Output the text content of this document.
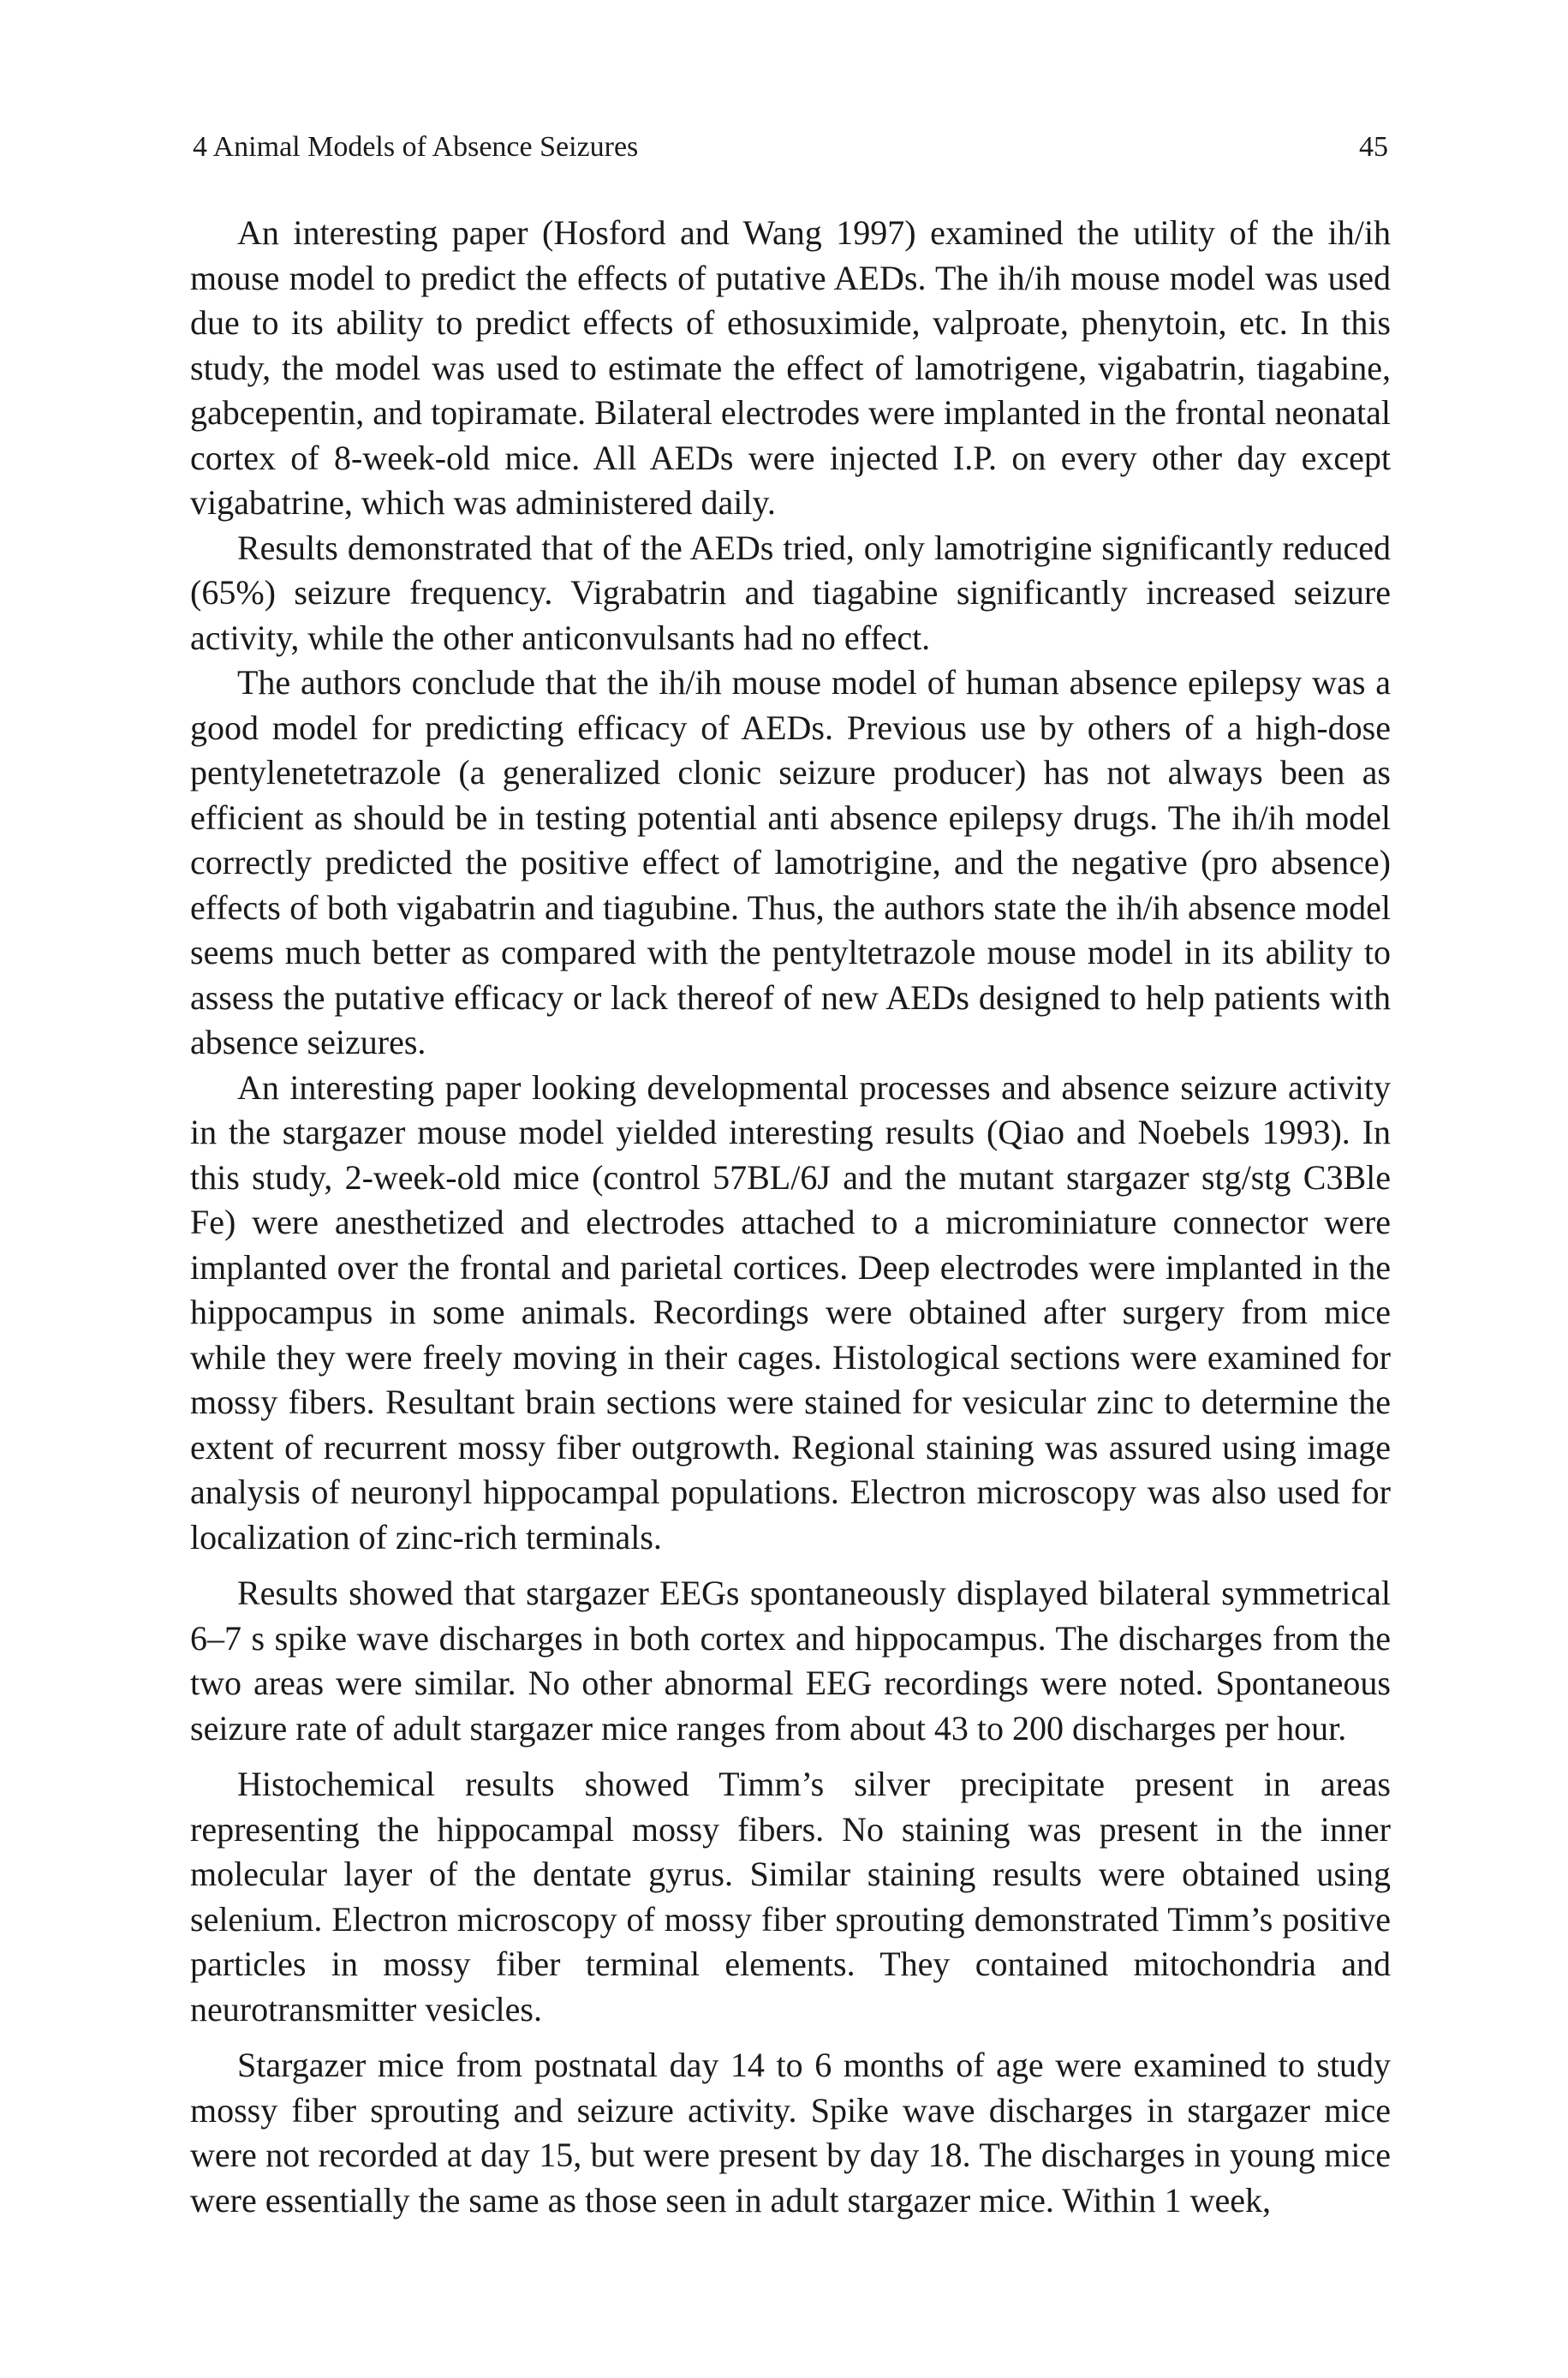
4 Animal Models of Absence Seizures	45

An interesting paper (Hosford and Wang 1997) examined the utility of the ih/ih mouse model to predict the effects of putative AEDs. The ih/ih mouse model was used due to its ability to predict effects of ethosuximide, valproate, phenytoin, etc. In this study, the model was used to estimate the effect of lamotrigene, vigabatrin, tiagabine, gabcepentin, and topiramate. Bilateral electrodes were implanted in the frontal neonatal cortex of 8-week-old mice. All AEDs were injected I.P. on every other day except vigabatrine, which was administered daily.

Results demonstrated that of the AEDs tried, only lamotrigine significantly reduced (65%) seizure frequency. Vigrabatrin and tiagabine significantly increased seizure activity, while the other anticonvulsants had no effect.

The authors conclude that the ih/ih mouse model of human absence epilepsy was a good model for predicting efficacy of AEDs. Previous use by others of a high-dose pentylenetetrazole (a generalized clonic seizure producer) has not always been as efficient as should be in testing potential anti absence epilepsy drugs. The ih/ih model correctly predicted the positive effect of lamotrigine, and the negative (pro absence) effects of both vigabatrin and tiagubine. Thus, the authors state the ih/ih absence model seems much better as compared with the pentyltetrazole mouse model in its ability to assess the putative efficacy or lack thereof of new AEDs designed to help patients with absence seizures.

An interesting paper looking developmental processes and absence seizure activity in the stargazer mouse model yielded interesting results (Qiao and Noebels 1993). In this study, 2-week-old mice (control 57BL/6J and the mutant stargazer stg/stg C3Ble Fe) were anesthetized and electrodes attached to a microminiature connector were implanted over the frontal and parietal cortices. Deep electrodes were implanted in the hippocampus in some animals. Recordings were obtained after surgery from mice while they were freely moving in their cages. Histological sections were examined for mossy fibers. Resultant brain sections were stained for vesicular zinc to determine the extent of recurrent mossy fiber outgrowth. Regional staining was assured using image analysis of neuronyl hippocampal populations. Electron microscopy was also used for localization of zinc-rich terminals.

Results showed that stargazer EEGs spontaneously displayed bilateral symmetrical 6–7 s spike wave discharges in both cortex and hippocampus. The discharges from the two areas were similar. No other abnormal EEG recordings were noted. Spontaneous seizure rate of adult stargazer mice ranges from about 43 to 200 discharges per hour.

Histochemical results showed Timm’s silver precipitate present in areas representing the hippocampal mossy fibers. No staining was present in the inner molecular layer of the dentate gyrus. Similar staining results were obtained using selenium. Electron microscopy of mossy fiber sprouting demonstrated Timm’s positive particles in mossy fiber terminal elements. They contained mitochondria and neurotransmitter vesicles.

Stargazer mice from postnatal day 14 to 6 months of age were examined to study mossy fiber sprouting and seizure activity. Spike wave discharges in stargazer mice were not recorded at day 15, but were present by day 18. The discharges in young mice were essentially the same as those seen in adult stargazer mice. Within 1 week,
